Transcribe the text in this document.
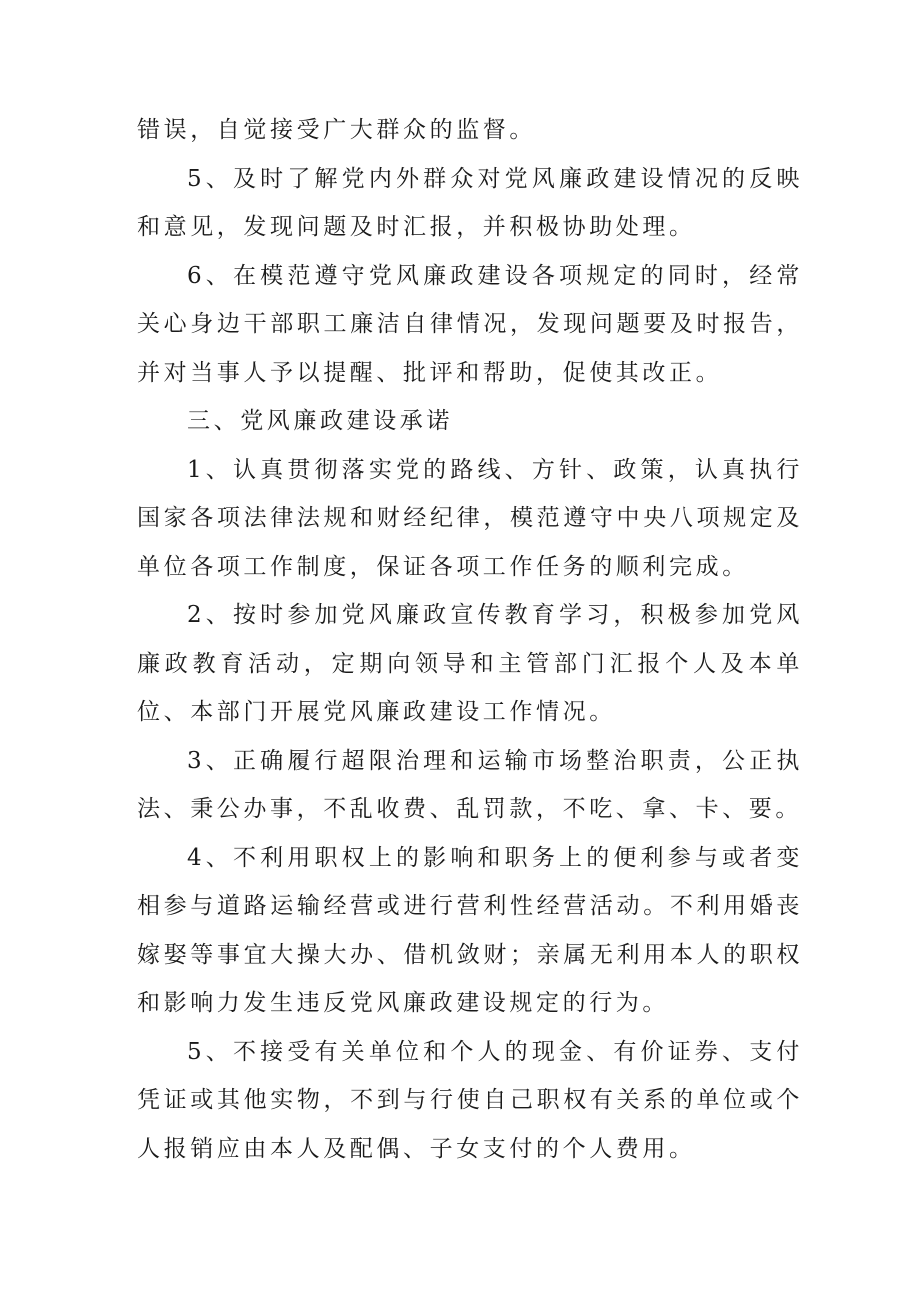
错误，自觉接受广大群众的监督。

5、及时了解党内外群众对党风廉政建设情况的反映和意见，发现问题及时汇报，并积极协助处理。

6、在模范遵守党风廉政建设各项规定的同时，经常关心身边干部职工廉洁自律情况，发现问题要及时报告，并对当事人予以提醒、批评和帮助，促使其改正。

三、党风廉政建设承诺

1、认真贯彻落实党的路线、方针、政策，认真执行国家各项法律法规和财经纪律，模范遵守中央八项规定及单位各项工作制度，保证各项工作任务的顺利完成。

2、按时参加党风廉政宣传教育学习，积极参加党风廉政教育活动，定期向领导和主管部门汇报个人及本单位、本部门开展党风廉政建设工作情况。

3、正确履行超限治理和运输市场整治职责，公正执法、秉公办事，不乱收费、乱罚款，不吃、拿、卡、要。

4、不利用职权上的影响和职务上的便利参与或者变相参与道路运输经营或进行营利性经营活动。不利用婚丧嫁娶等事宜大操大办、借机敛财；亲属无利用本人的职权和影响力发生违反党风廉政建设规定的行为。

5、不接受有关单位和个人的现金、有价证券、支付凭证或其他实物，不到与行使自己职权有关系的单位或个人报销应由本人及配偶、子女支付的个人费用。
